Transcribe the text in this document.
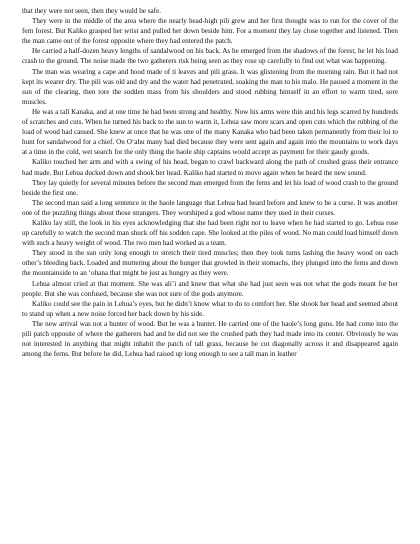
that they were not seen, then they would be safe.

They were in the middle of the area where the nearly head-high pili grew and her first thought was to run for the cover of the fern forest. But Kaliko grasped her wrist and pulled her down beside him. For a moment they lay close together and listened. Then the man came out of the forest opposite where they had entered the patch.

He carried a half-dozen heavy lengths of sandalwood on his back. As he emerged from the shadows of the forest, he let his load crash to the ground. The noise made the two gatherers risk being seen as they rose up carefully to find out what was happening.

The man was wearing a cape and hood made of ti leaves and pili grass. It was glistening from the morning rain. But it had not kept its wearer dry. The pili was old and dry and the water had penetrated, soaking the man to his malo. He paused a moment in the sun of the clearing, then tore the sodden mass from his shoulders and stood rubbing himself in an effort to warm tired, sore muscles.

He was a tall Kanaka, and at one time he had been strong and healthy. Now his arms were thin and his legs scarred by hundreds of scratches and cuts. When he turned his back to the sun to warm it, Lehua saw more scars and open cuts which the rubbing of the load of wood had caused. She knew at once that he was one of the many Kanaka who had been taken permanently from their loi to hunt for sandalwood for a chief. On Oʻahu many had died because they were sent again and again into the mountains to work days at a time in the cold, wet search for the only thing the haole ship captains would accept as payment for their gaudy goods.

Kaliko touched her arm and with a swing of his head, began to crawl backward along the path of crushed grass their entrance had made. But Lehua ducked down and shook her head. Kaliko had started to move again when he heard the new sound.

They lay quietly for several minutes before the second man emerged from the ferns and let his load of wood crash to the ground beside the first one.

The second man said a long sentence in the haole language that Lehua had heard before and knew to be a curse. It was another one of the puzzling things about those strangers. They worshiped a god whose name they used in their curses.

Kaliko lay still, the look in his eyes acknowledging that she had been right not to leave when he had started to go. Lehua rose up carefully to watch the second man shuck off his sodden cape. She looked at the piles of wood. No man could load himself down with such a heavy weight of wood. The two men had worked as a team.

They stood in the sun only long enough to stretch their tired muscles; then they took turns lashing the heavy wood on each other’s bleeding back. Loaded and muttering about the hunger that growled in their stomachs, they plunged into the ferns and down the mountainside to an ‘ohana that might be just as hungry as they were.

Lehua almost cried at that moment. She was ali’i and knew that what she had just seen was not what the gods meant for her people. But she was confused, because she was not sure of the gods anymore.

Kaliko could see the pain in Lehua’s eyes, but he didn’t know what to do to comfort her. She shook her head and seemed about to stand up when a new noise forced her back down by his side.

The new arrival was not a hunter of wood. But he was a hunter. He carried one of the haole’s long guns. He had come into the pili patch opposite of where the gatherers had and he did not see the crushed path they had made into its center. Obviously he was not interested in anything that might inhabit the patch of tall grass, because he cut diagonally across it and disappeared again among the ferns. But before he did, Lehua had raised up long enough to see a tall man in leather
